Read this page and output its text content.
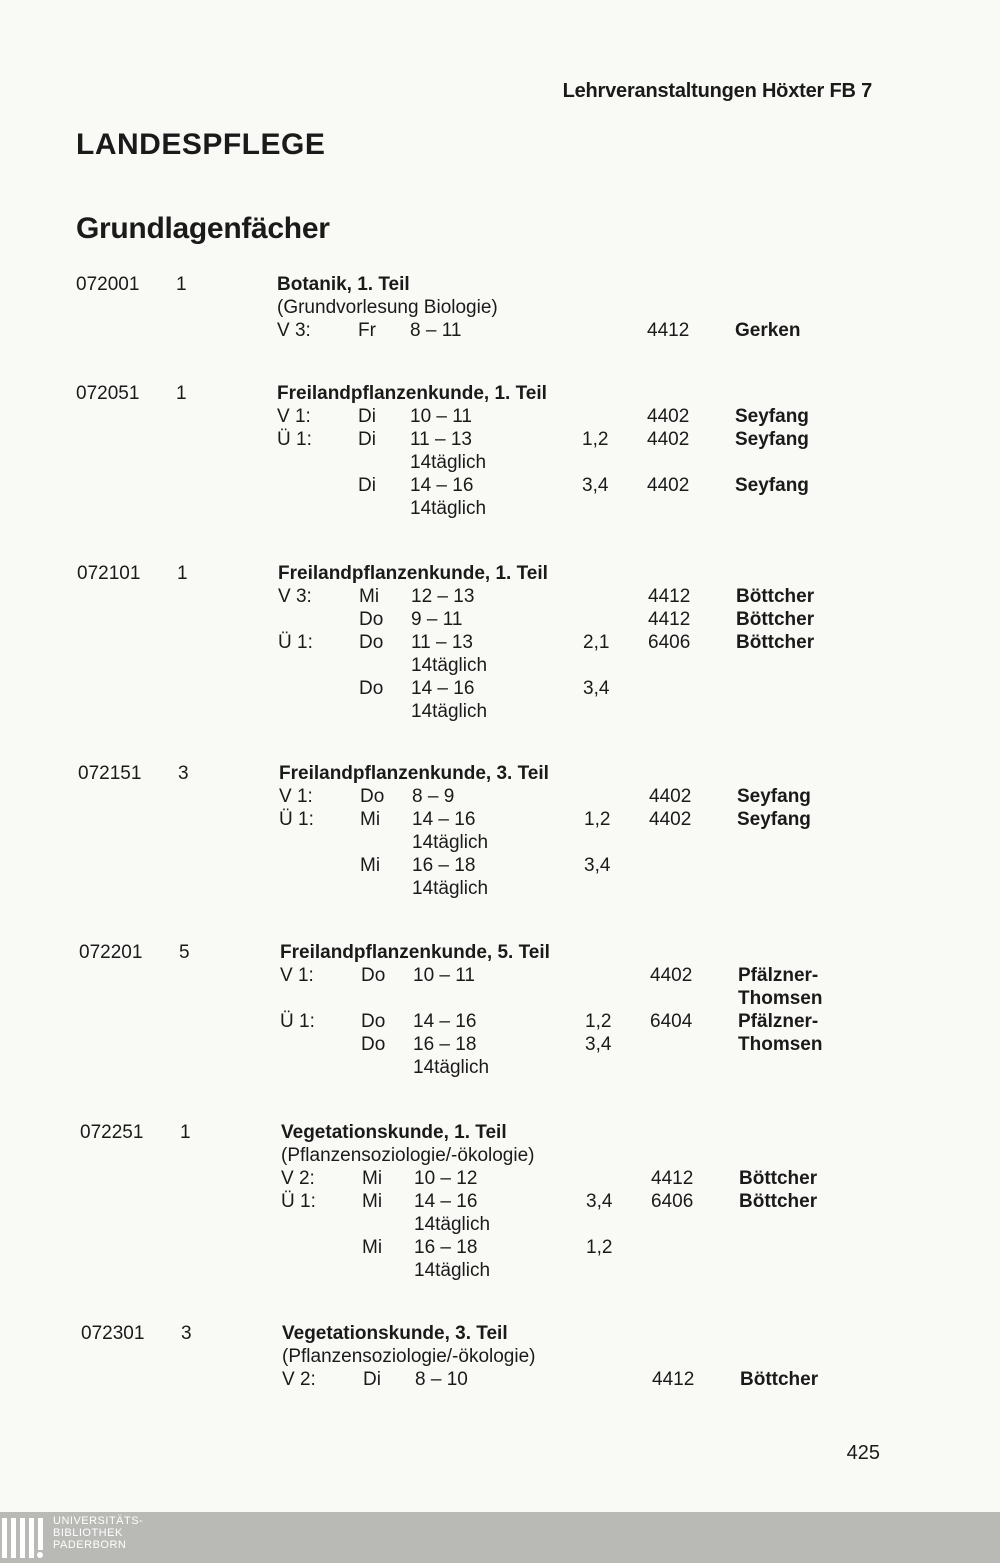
Lehrveranstaltungen Höxter FB 7
LANDESPFLEGE
Grundlagenfächer
072001 1	Botanik, 1. Teil
(Grundvorlesung Biologie)
V 3: Fr 8 – 11	4412 Gerken
072051 1	Freilandpflanzenkunde, 1. Teil
V 1: Di 10 – 11	4402 Seyfang
Ü 1: Di 11 – 13	1,2 4402 Seyfang
14täglich
Di 14 – 16	3,4 4402 Seyfang
14täglich
072101 1	Freilandpflanzenkunde, 1. Teil
V 3: Mi 12 – 13	4412 Böttcher
Do 9 – 11	4412 Böttcher
Ü 1: Do 11 – 13	2,1 6406 Böttcher
14täglich
Do 14 – 16	3,4
14täglich
072151 3	Freilandpflanzenkunde, 3. Teil
V 1: Do 8 – 9	4402 Seyfang
Ü 1: Mi 14 – 16	1,2 4402 Seyfang
14täglich
Mi 16 – 18	3,4
14täglich
072201 5	Freilandpflanzenkunde, 5. Teil
V 1: Do 10 – 11	4402 Pfälzner-
Thomsen
Ü 1: Do 14 – 16	1,2 6404 Pfälzner-
Do 16 – 18	3,4	Thomsen
14täglich
072251 1	Vegetationskunde, 1. Teil
(Pflanzensoziologie/-ökologie)
V 2: Mi 10 – 12	4412 Böttcher
Ü 1: Mi 14 – 16	3,4 6406 Böttcher
14täglich
Mi 16 – 18	1,2
14täglich
072301 3	Vegetationskunde, 3. Teil
(Pflanzensoziologie/-ökologie)
V 2: Di 8 – 10	4412 Böttcher
425
UNIVERSITÄTS-
BIBLIOTHEK
PADERBORN
